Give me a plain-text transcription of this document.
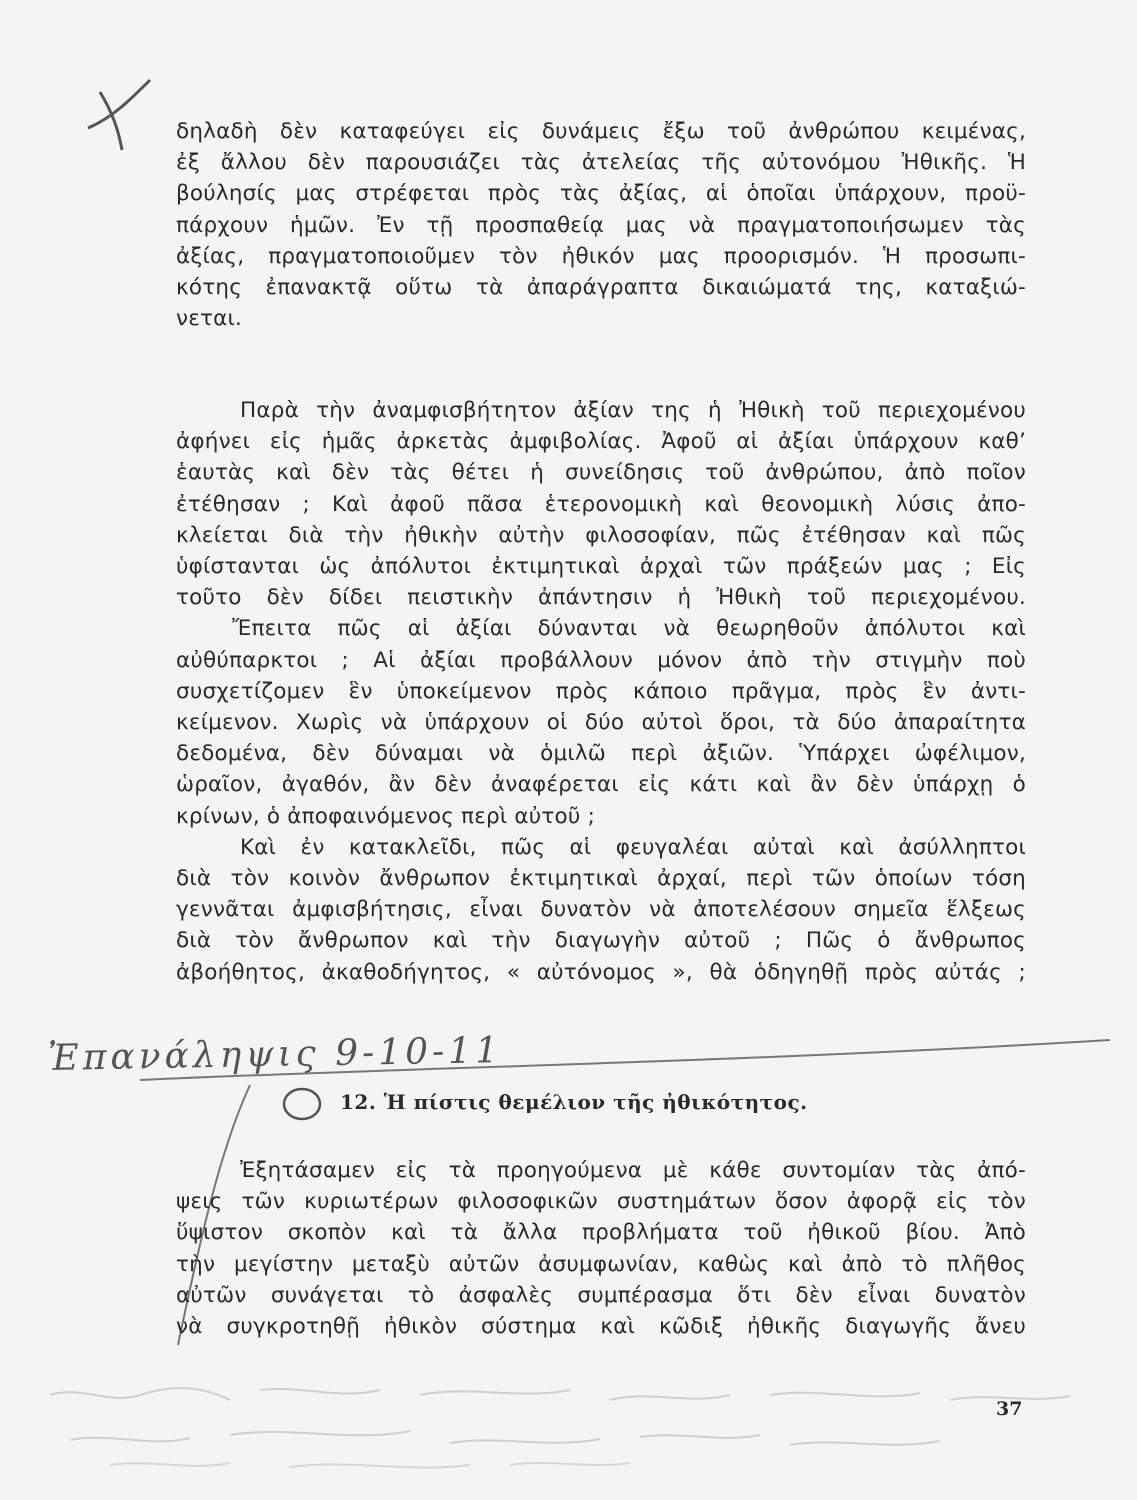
δηλαδὴ δὲν καταφεύγει εἰς δυνάμεις ἔξω τοῦ ἀνθρώπου κειμένας,
ἐξ ἄλλου δὲν παρουσιάζει τὰς ἀτελείας τῆς αὐτονόμου Ἠθικῆς. Ἡ
βούλησίς μας στρέφεται πρὸς τὰς ἀξίας, αἱ ὁποῖαι ὑπάρχουν, προϋ-
πάρχουν ἡμῶν. Ἐν τῇ προσπαθείᾳ μας νὰ πραγματοποιήσωμεν τὰς
ἀξίας, πραγματοποιοῦμεν τὸν ἠθικόν μας προορισμόν. Ἡ προσωπι-
κότης ἐπανακτᾷ οὕτω τὰ ἀπαράγραπτα δικαιώματά της, καταξιώ-
νεται.
Παρὰ τὴν ἀναμφισβήτητον ἀξίαν της ἡ Ἠθικὴ τοῦ περιεχομένου
ἀφήνει εἰς ἡμᾶς ἀρκετὰς ἀμφιβολίας. Ἀφοῦ αἱ ἀξίαι ὑπάρχουν καθ’
ἑαυτὰς καὶ δὲν τὰς θέτει ἡ συνείδησις τοῦ ἀνθρώπου, ἀπὸ ποῖον
ἐτέθησαν ; Καὶ ἀφοῦ πᾶσα ἑτερονομικὴ καὶ θεονομικὴ λύσις ἀπο-
κλείεται διὰ τὴν ἠθικὴν αὐτὴν φιλοσοφίαν, πῶς ἐτέθησαν καὶ πῶς
ὑφίστανται ὡς ἀπόλυτοι ἐκτιμητικαὶ ἀρχαὶ τῶν πράξεών μας ; Εἰς
τοῦτο δὲν δίδει πειστικὴν ἀπάντησιν ἡ Ἠθικὴ τοῦ περιεχομένου.
Ἔπειτα πῶς αἱ ἀξίαι δύνανται νὰ θεωρηθοῦν ἀπόλυτοι καὶ
αὐθύπαρκτοι ; Αἱ ἀξίαι προβάλλουν μόνον ἀπὸ τὴν στιγμὴν ποὺ
συσχετίζομεν ἓν ὑποκείμενον πρὸς κάποιο πρᾶγμα, πρὸς ἓν ἀντι-
κείμενον. Χωρὶς νὰ ὑπάρχουν οἱ δύο αὐτοὶ ὅροι, τὰ δύο ἀπαραίτητα
δεδομένα, δὲν δύναμαι νὰ ὁμιλῶ περὶ ἀξιῶν. Ὑπάρχει ὠφέλιμον,
ὡραῖον, ἀγαθόν, ἂν δὲν ἀναφέρεται εἰς κάτι καὶ ἂν δὲν ὑπάρχῃ ὁ
κρίνων, ὁ ἀποφαινόμενος περὶ αὐτοῦ ;
Καὶ ἐν κατακλεῖδι, πῶς αἱ φευγαλέαι αὐταὶ καὶ ἀσύλληπτοι
διὰ τὸν κοινὸν ἄνθρωπον ἐκτιμητικαὶ ἀρχαί, περὶ τῶν ὁποίων τόση
γεννᾶται ἀμφισβήτησις, εἶναι δυνατὸν νὰ ἀποτελέσουν σημεῖα ἕλξεως
διὰ τὸν ἄνθρωπον καὶ τὴν διαγωγὴν αὐτοῦ ; Πῶς ὁ ἄνθρωπος
ἀβοήθητος, ἀκαθοδήγητος, « αὐτόνομος », θὰ ὁδηγηθῇ πρὸς αὐτάς ;
Ἐπανάληψις 9-10-11
12. Ἡ πίστις θεμέλιον τῆς ἠθικότητος.
Ἐξητάσαμεν εἰς τὰ προηγούμενα μὲ κάθε συντομίαν τὰς ἀπό-
ψεις τῶν κυριωτέρων φιλοσοφικῶν συστημάτων ὅσον ἀφορᾷ εἰς τὸν
ὕψιστον σκοπὸν καὶ τὰ ἄλλα προβλήματα τοῦ ἠθικοῦ βίου. Ἀπὸ
τὴν μεγίστην μεταξὺ αὐτῶν ἀσυμφωνίαν, καθὼς καὶ ἀπὸ τὸ πλῆθος
αὐτῶν συνάγεται τὸ ἀσφαλὲς συμπέρασμα ὅτι δὲν εἶναι δυνατὸν
νὰ συγκροτηθῇ ἠθικὸν σύστημα καὶ κῶδιξ ἠθικῆς διαγωγῆς ἄνευ
37
